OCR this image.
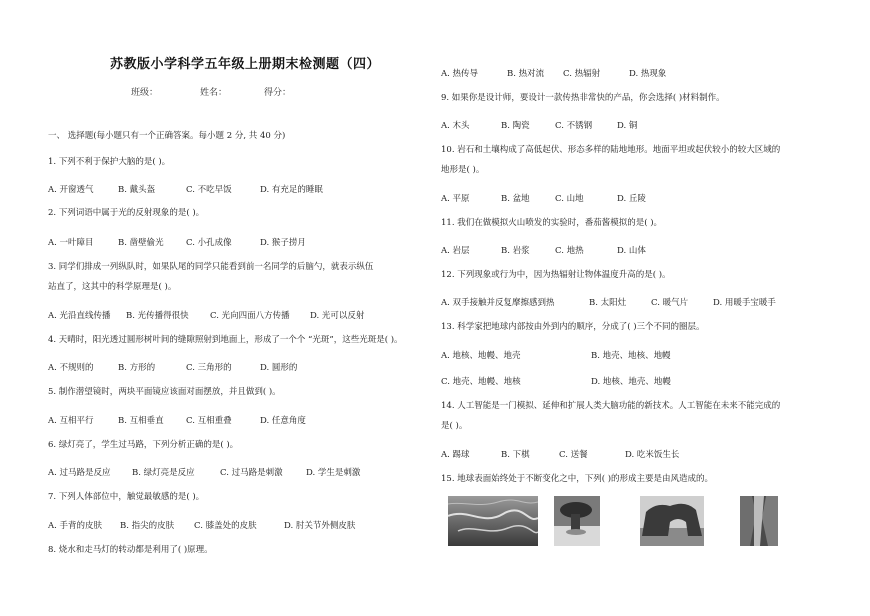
苏教版小学科学五年级上册期末检测题（四）
班级：	姓名：	得分：
一、 选择题(每小题只有一个正确答案。每小题 2 分, 共 40 分)
1. 下列不利于保护大脑的是( )。
A. 开窗透气	B. 戴头盔	C. 不吃早饭	D. 有充足的睡眠
2. 下列词语中属于光的反射现象的是( )。
A. 一叶障目	B. 凿壁偷光	C. 小孔成像	D. 猴子捞月
3. 同学们排成一列纵队时，如果队尾的同学只能看到前一名同学的后脑勺，就表示纵伍
站直了，这其中的科学原理是( )。
A. 光沿直线传播 B. 光传播得很快	C. 光向四面八方传播 D. 光可以反射
4. 天晴时，阳光透过圆形树叶间的缝隙照射到地面上，形成了一个个 “光斑”，这些光斑是( )。
A. 不规则的	B. 方形的	C. 三角形的	D. 圆形的
5. 制作潜望镜时，两块平面镜应该面对面摆放，并且做到( )。
A. 互相平行	B. 互相垂直	C. 互相重叠	D. 任意角度
6. 绿灯亮了，学生过马路，下列分析正确的是( )。
A. 过马路是反应	B. 绿灯亮是反应	C. 过马路是刺激	D. 学生是刺激
7. 下列人体部位中，触觉最敏感的是( )。
A. 手背的皮肤 B. 指尖的皮肤 C. 膝盖处的皮肤	D. 肘关节外侧皮肤
8. 烧水和走马灯的转动都是利用了( )原理。
A. 热传导	B. 热对流 C. 热辐射	D. 热现象
9. 如果你是设计师，要设计一款传热非常快的产品，你会选择( )材料制作。
A. 木头	B. 陶瓷	C. 不锈钢	D. 铜
10. 岩石和土壤构成了高低起伏、形态多样的陆地地形。地面平坦或起伏较小的较大区域的
地形是( )。
A. 平原	B. 盆地	C. 山地	D. 丘陵
11. 我们在做模拟火山喷发的实验时，番茄酱模拟的是( )。
A. 岩层	B. 岩浆	C. 地热	D. 山体
12. 下列现象或行为中，因为热辐射让物体温度升高的是( )。
A. 双手接触并反复摩擦感到热	B. 太阳灶	C. 暖气片	D. 用暖手宝暖手
13. 科学家把地球内部按由外到内的顺序，分成了( )三个不同的圈层。
A. 地核、地幔、地壳	B. 地壳、地核、地幔
C. 地壳、地幔、地核	D. 地核、地壳、地幔
14. 人工智能是一门模拟、延伸和扩展人类大脑功能的新技术。人工智能在未来不能完成的
是( )。
A. 踢球	B. 下棋	C. 送餐	D. 吃米饭生长
15. 地球表面始终处于不断变化之中，下列( )的形成主要是由风造成的。
